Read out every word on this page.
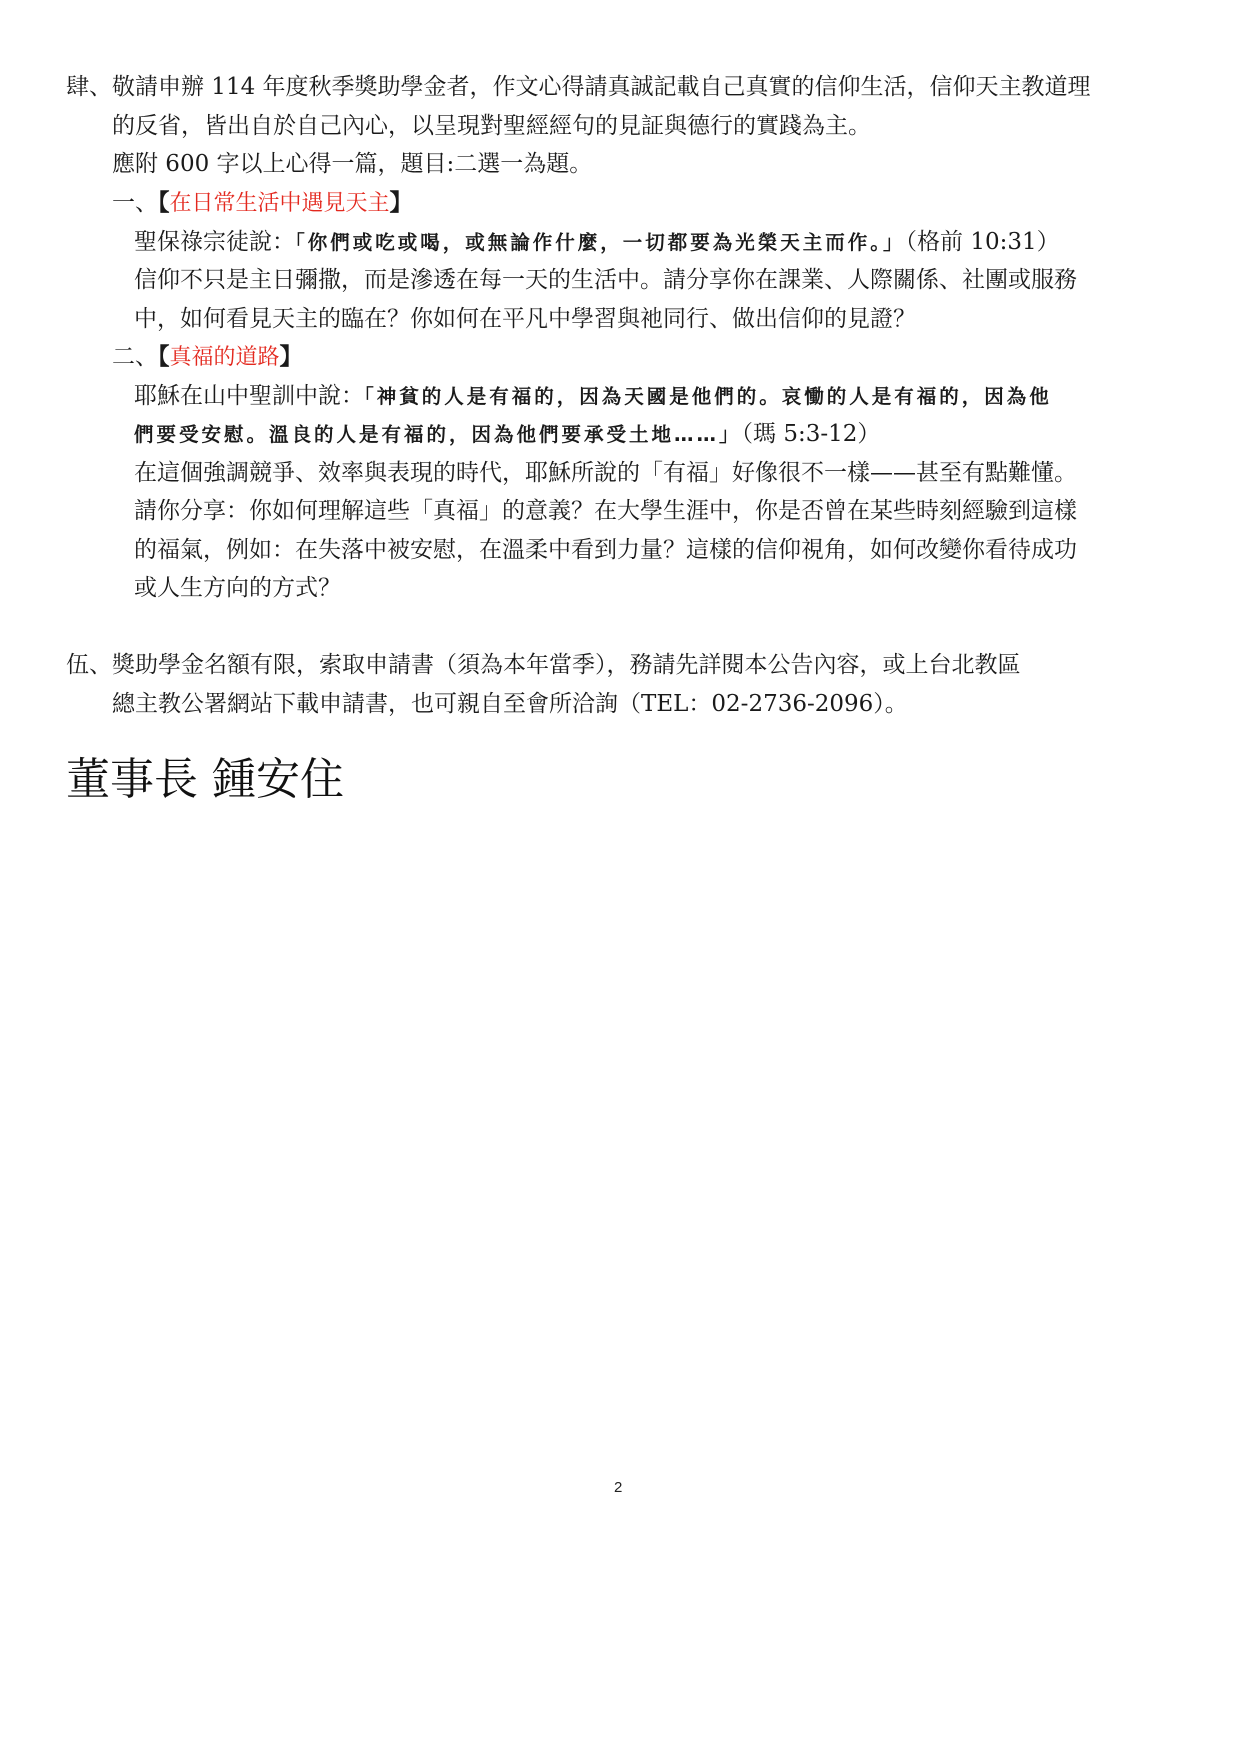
肆、敬請申辦 114 年度秋季獎助學金者，作文心得請真誠記載自己真實的信仰生活，信仰天主教道理
的反省，皆出自於自己內心，以呈現對聖經經句的見証與德行的實踐為主。
應附 600 字以上心得一篇，題目:二選一為題。
一、【在日常生活中遇見天主】
聖保祿宗徒說：「你們或吃或喝，或無論作什麼，一切都要為光榮天主而作。」（格前 10:31）
信仰不只是主日彌撒，而是滲透在每一天的生活中。請分享你在課業、人際關係、社團或服務
中，如何看見天主的臨在？你如何在平凡中學習與祂同行、做出信仰的見證？
二、【真福的道路】
耶穌在山中聖訓中說：「神貧的人是有福的，因為天國是他們的。哀慟的人是有福的，因為他
們要受安慰。溫良的人是有福的，因為他們要承受土地……」（瑪 5:3-12）
在這個強調競爭、效率與表現的時代，耶穌所說的「有福」好像很不一樣——甚至有點難懂。
請你分享：你如何理解這些「真福」的意義？在大學生涯中，你是否曾在某些時刻經驗到這樣
的福氣，例如：在失落中被安慰，在溫柔中看到力量？這樣的信仰視角，如何改變你看待成功
或人生方向的方式？
伍、獎助學金名額有限，索取申請書（須為本年當季），務請先詳閱本公告內容，或上台北教區
總主教公署網站下載申請書，也可親自至會所洽詢（TEL：02-2736-2096）。
董事長 鍾安住
2
